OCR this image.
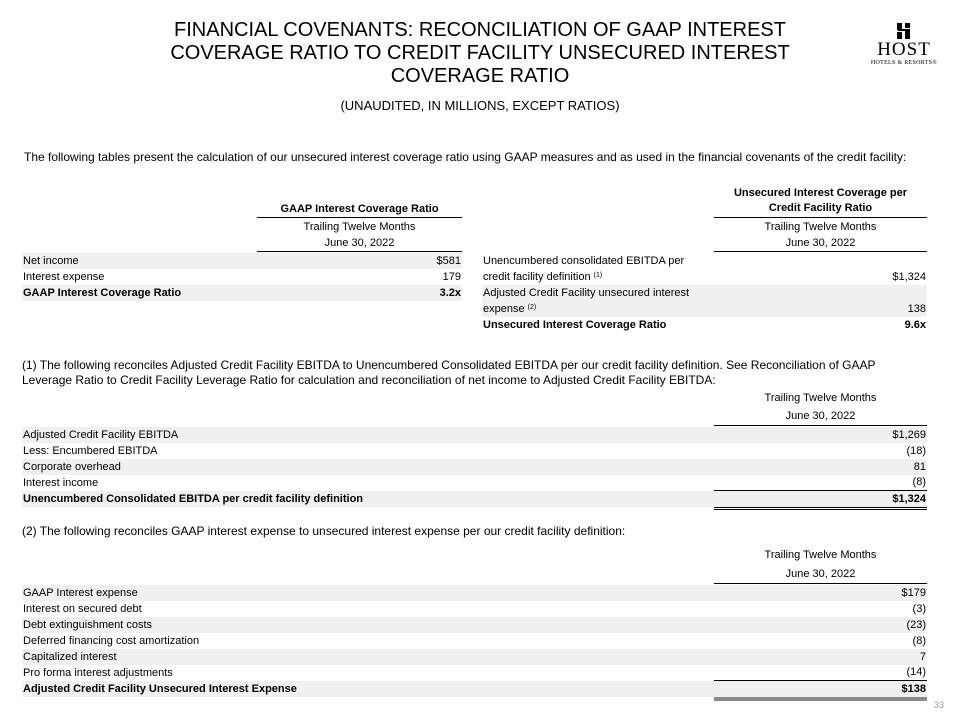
FINANCIAL COVENANTS: RECONCILIATION OF GAAP INTEREST
COVERAGE RATIO TO CREDIT FACILITY UNSECURED INTEREST
COVERAGE RATIO
(UNAUDITED, IN MILLIONS, EXCEPT RATIOS)
HOST
HOTELS & RESORTS®
The following tables present the calculation of our unsecured interest coverage ratio using GAAP measures and as used in the financial covenants of the credit facility:
GAAP Interest Coverage Ratio
Trailing Twelve Months
June 30, 2022
Net income	$581
Interest expense	179
GAAP Interest Coverage Ratio	3.2x
Unsecured Interest Coverage per
Credit Facility Ratio
Trailing Twelve Months
June 30, 2022
Unencumbered consolidated EBITDA per
credit facility definition $^{(1)}$	$1,324
Adjusted Credit Facility unsecured interest
expense $^{(2)}$	138
Unsecured Interest Coverage Ratio	9.6x
(1) The following reconciles Adjusted Credit Facility EBITDA to Unencumbered Consolidated EBITDA per our credit facility definition. See Reconciliation of GAAP Leverage Ratio to Credit Facility Leverage Ratio for calculation and reconciliation of net income to Adjusted Credit Facility EBITDA:
Trailing Twelve Months
June 30, 2022
Adjusted Credit Facility EBITDA	$1,269
Less: Encumbered EBITDA	(18)
Corporate overhead	81
Interest income	(8)
Unencumbered Consolidated EBITDA per credit facility definition	$1,324
(2) The following reconciles GAAP interest expense to unsecured interest expense per our credit facility definition:
Trailing Twelve Months
June 30, 2022
GAAP Interest expense	$179
Interest on secured debt	(3)
Debt extinguishment costs	(23)
Deferred financing cost amortization	(8)
Capitalized interest	7
Pro forma interest adjustments	(14)
Adjusted Credit Facility Unsecured Interest Expense	$138
33
